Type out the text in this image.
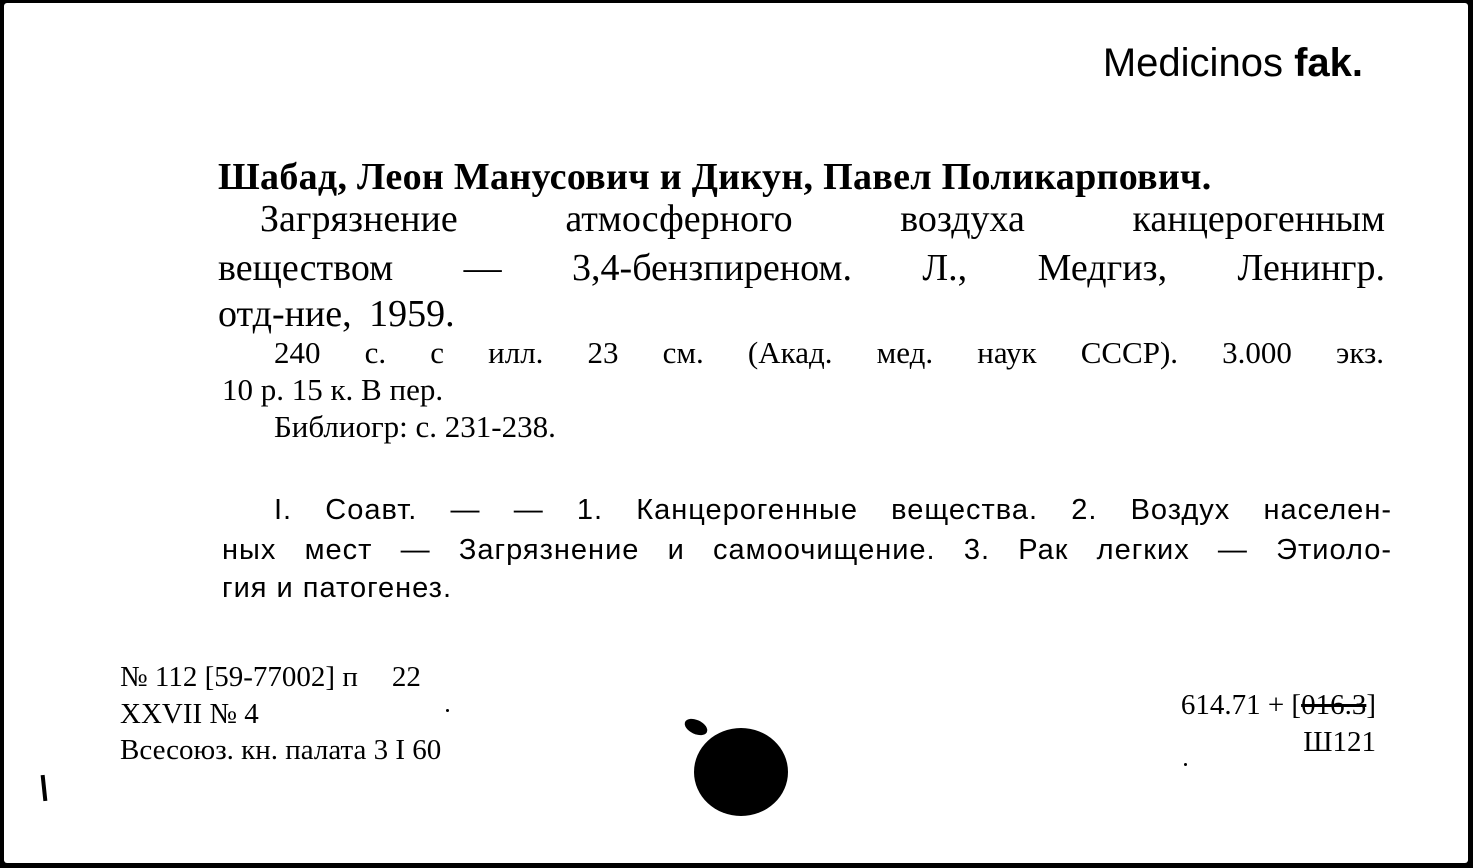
Medicinos fak.
Шабад, Леон Манусович и Дикун, Павел Поликарпович.
Загрязнение атмосферного воздуха канцерогенным
веществом — 3,4-бензпиреном. Л., Медгиз, Ленингр.
отд-ние, 1959.
240 с. с илл. 23 см. (Акад. мед. наук СССР). 3.000 экз.
10 р. 15 к. В пер.
Библиогр: с. 231-238.
I. Соавт. — — 1. Канцерогенные вещества. 2. Воздух населен-
ных мест — Загрязнение и самоочищение. 3. Рак легких — Этиоло-
гия и патогенез.
№ 112 [59-77002] п 22
XXVII № 4
Всесоюз. кн. палата 3 I 60
614.71 + [016.3]
Ш121
